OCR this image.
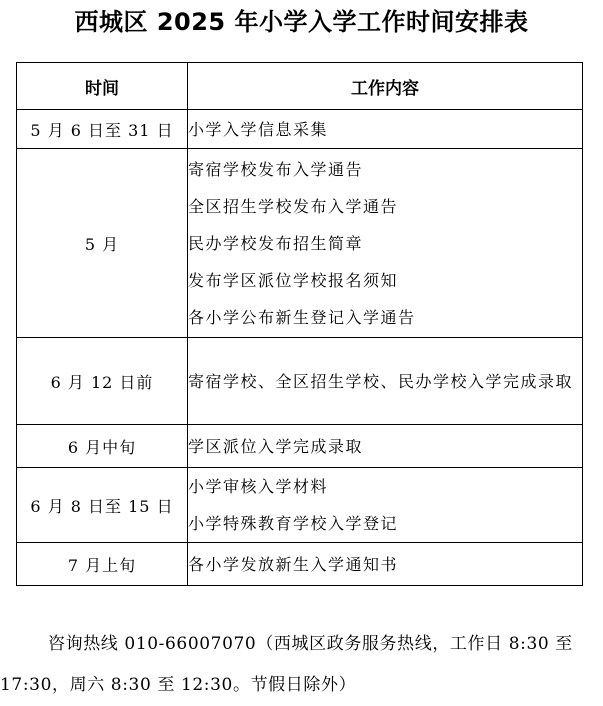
西城区 2025 年小学入学工作时间安排表
时间	工作内容
5 月 6 日至 31 日	小学入学信息采集

5 月	寄宿学校发布入学通告
全区招生学校发布入学通告
民办学校发布招生简章
发布学区派位学校报名须知
各小学公布新生登记入学通告

6 月 12 日前	寄宿学校、全区招生学校、民办学校入学完成录取

6 月中旬	学区派位入学完成录取

6 月 8 日至 15 日	小学审核入学材料
小学特殊教育学校入学登记

7 月上旬	各小学发放新生入学通知书
咨询热线 010-66007070（西城区政务服务热线，工作日 8:30 至 17:30，周六 8:30 至 12:30。节假日除外）
